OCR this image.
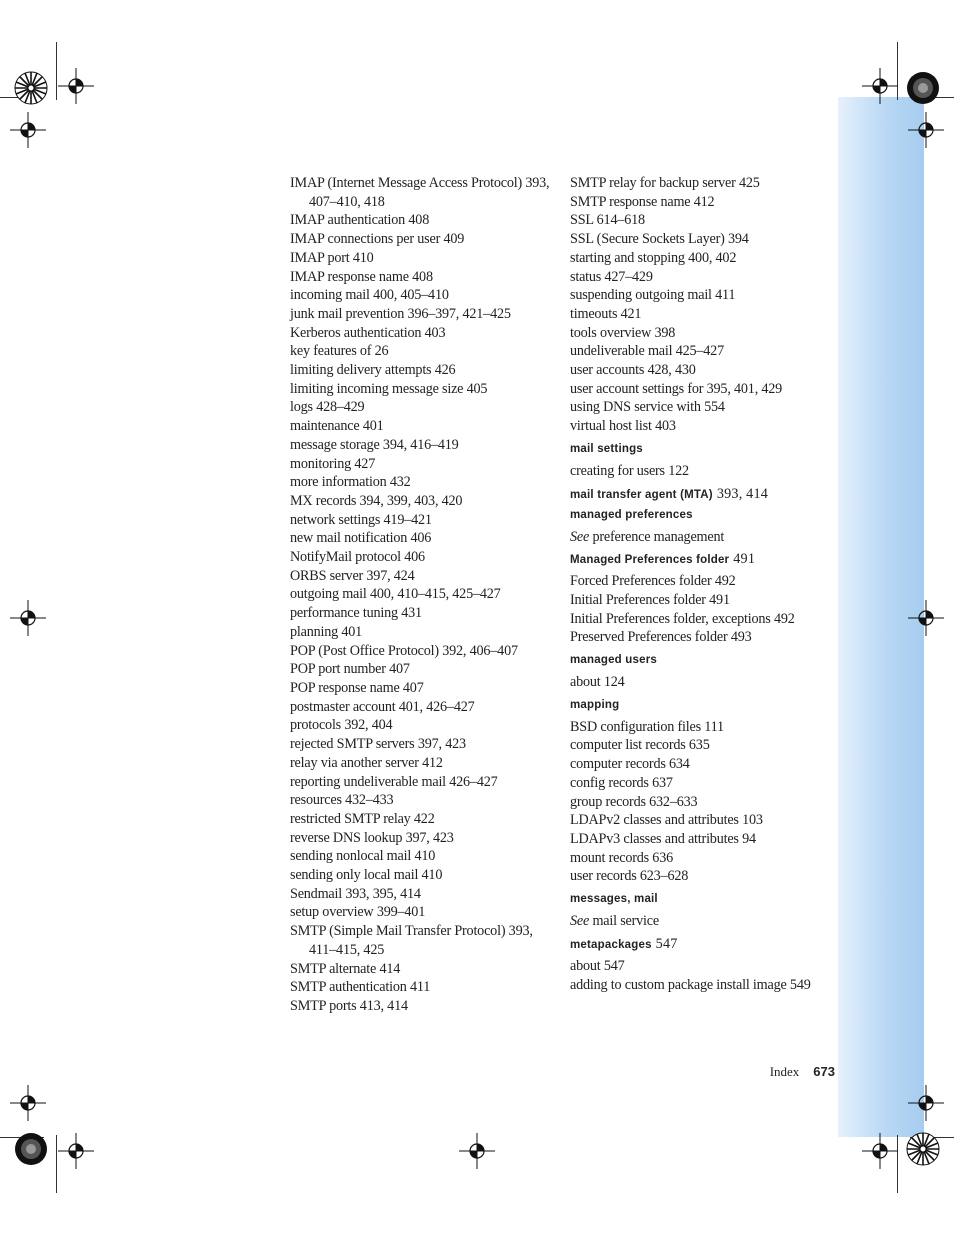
IMAP (Internet Message Access Protocol) 393, 407–410, 418
IMAP authentication 408
IMAP connections per user 409
IMAP port 410
IMAP response name 408
incoming mail 400, 405–410
junk mail prevention 396–397, 421–425
Kerberos authentication 403
key features of 26
limiting delivery attempts 426
limiting incoming message size 405
logs 428–429
maintenance 401
message storage 394, 416–419
monitoring 427
more information 432
MX records 394, 399, 403, 420
network settings 419–421
new mail notification 406
NotifyMail protocol 406
ORBS server 397, 424
outgoing mail 400, 410–415, 425–427
performance tuning 431
planning 401
POP (Post Office Protocol) 392, 406–407
POP port number 407
POP response name 407
postmaster account 401, 426–427
protocols 392, 404
rejected SMTP servers 397, 423
relay via another server 412
reporting undeliverable mail 426–427
resources 432–433
restricted SMTP relay 422
reverse DNS lookup 397, 423
sending nonlocal mail 410
sending only local mail 410
Sendmail 393, 395, 414
setup overview 399–401
SMTP (Simple Mail Transfer Protocol) 393, 411–415, 425
SMTP alternate 414
SMTP authentication 411
SMTP ports 413, 414
SMTP relay for backup server 425
SMTP response name 412
SSL 614–618
SSL (Secure Sockets Layer) 394
starting and stopping 400, 402
status 427–429
suspending outgoing mail 411
timeouts 421
tools overview 398
undeliverable mail 425–427
user accounts 428, 430
user account settings for 395, 401, 429
using DNS service with 554
virtual host list 403
mail settings
creating for users 122
mail transfer agent (MTA) 393, 414
managed preferences
See preference management
Managed Preferences folder 491
Forced Preferences folder 492
Initial Preferences folder 491
Initial Preferences folder, exceptions 492
Preserved Preferences folder 493
managed users
about 124
mapping
BSD configuration files 111
computer list records 635
computer records 634
config records 637
group records 632–633
LDAPv2 classes and attributes 103
LDAPv3 classes and attributes 94
mount records 636
user records 623–628
messages, mail
See mail service
metapackages 547
about 547
adding to custom package install image 549
Index 673
